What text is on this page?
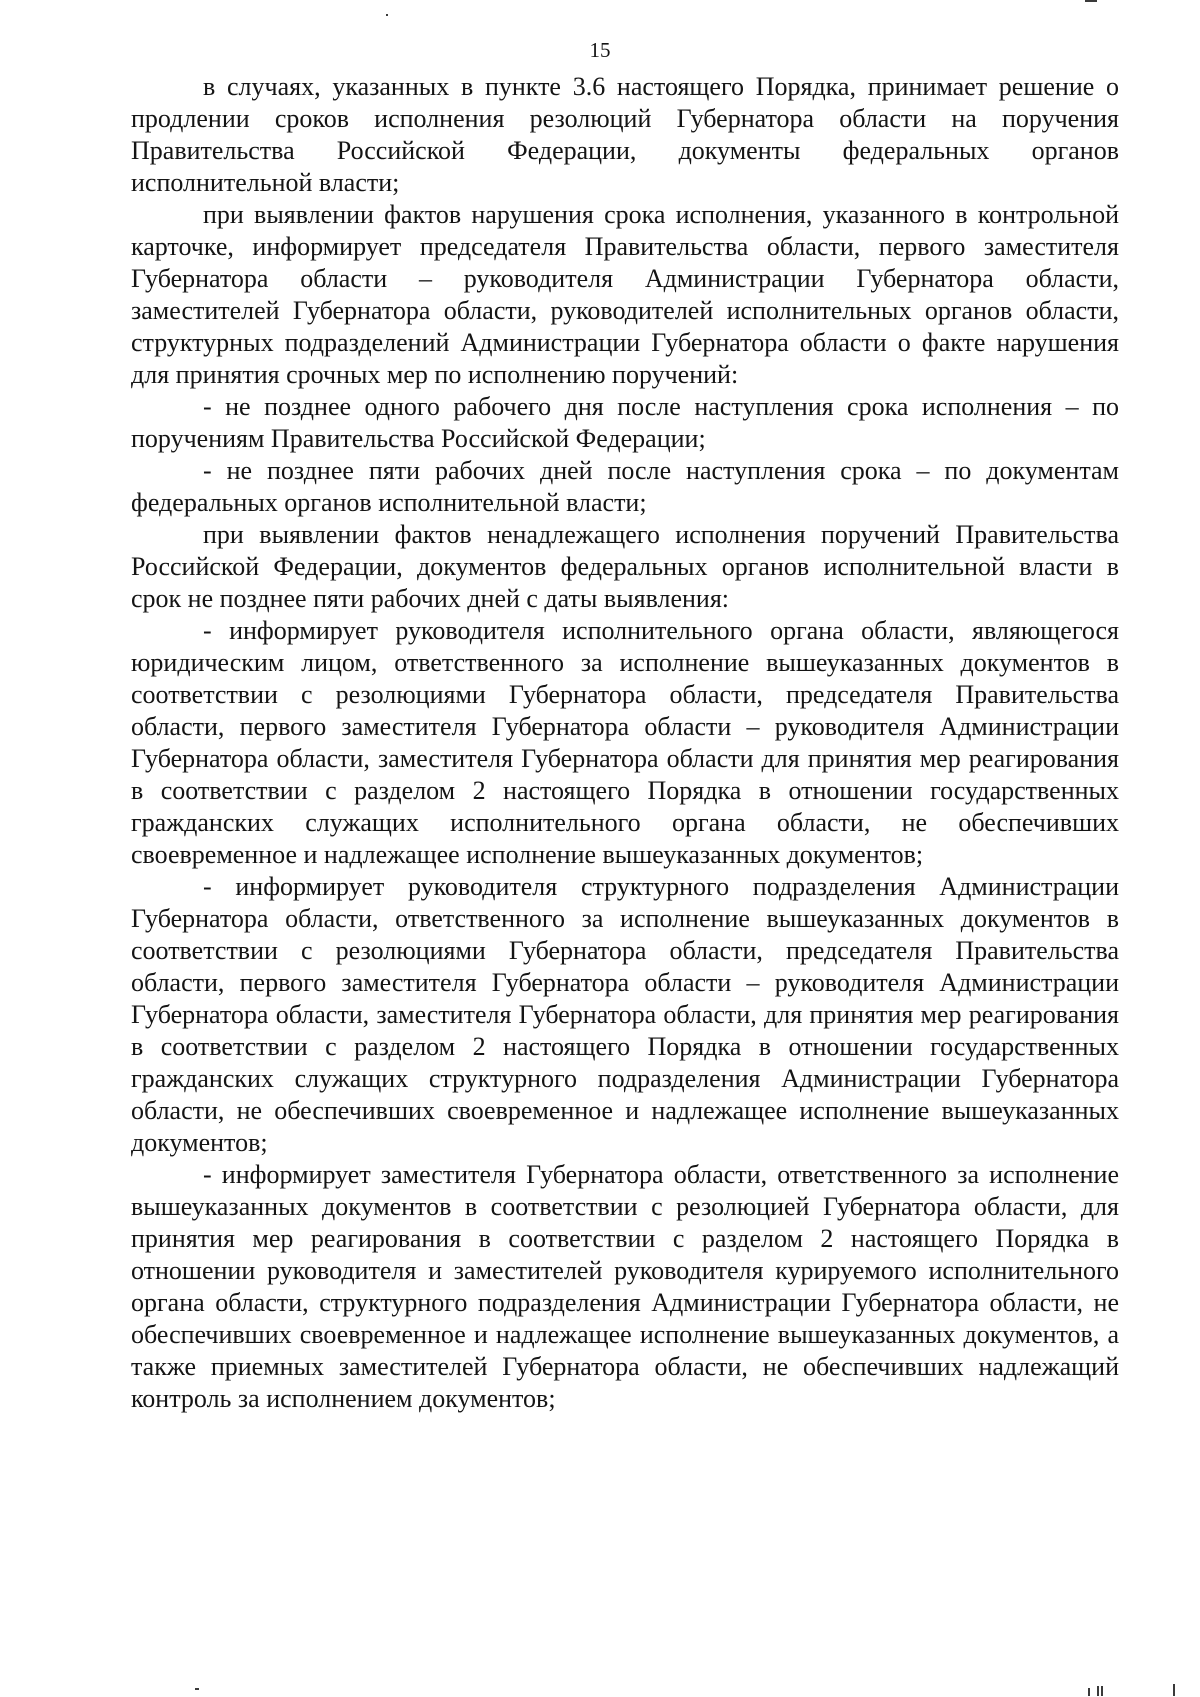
15

в случаях, указанных в пункте 3.6 настоящего Порядка, принимает решение о продлении сроков исполнения резолюций Губернатора области на поручения Правительства Российской Федерации, документы федеральных органов исполнительной власти;

при выявлении фактов нарушения срока исполнения, указанного в контрольной карточке, информирует председателя Правительства области, первого заместителя Губернатора области – руководителя Администрации Губернатора области, заместителей Губернатора области, руководителей исполнительных органов области, структурных подразделений Администрации Губернатора области о факте нарушения для принятия срочных мер по исполнению поручений:

- не позднее одного рабочего дня после наступления срока исполнения – по поручениям Правительства Российской Федерации;

- не позднее пяти рабочих дней после наступления срока – по документам федеральных органов исполнительной власти;

при выявлении фактов ненадлежащего исполнения поручений Правительства Российской Федерации, документов федеральных органов исполнительной власти в срок не позднее пяти рабочих дней с даты выявления:

- информирует руководителя исполнительного органа области, являющегося юридическим лицом, ответственного за исполнение вышеуказанных документов в соответствии с резолюциями Губернатора области, председателя Правительства области, первого заместителя Губернатора области – руководителя Администрации Губернатора области, заместителя Губернатора области для принятия мер реагирования в соответствии с разделом 2 настоящего Порядка в отношении государственных гражданских служащих исполнительного органа области, не обеспечивших своевременное и надлежащее исполнение вышеуказанных документов;

- информирует руководителя структурного подразделения Администрации Губернатора области, ответственного за исполнение вышеуказанных документов в соответствии с резолюциями Губернатора области, председателя Правительства области, первого заместителя Губернатора области – руководителя Администрации Губернатора области, заместителя Губернатора области, для принятия мер реагирования в соответствии с разделом 2 настоящего Порядка в отношении государственных гражданских служащих структурного подразделения Администрации Губернатора области, не обеспечивших своевременное и надлежащее исполнение вышеуказанных документов;

- информирует заместителя Губернатора области, ответственного за исполнение вышеуказанных документов в соответствии с резолюцией Губернатора области, для принятия мер реагирования в соответствии с разделом 2 настоящего Порядка в отношении руководителя и заместителей руководителя курируемого исполнительного органа области, структурного подразделения Администрации Губернатора области, не обеспечивших своевременное и надлежащее исполнение вышеуказанных документов, а также приемных заместителей Губернатора области, не обеспечивших надлежащий контроль за исполнением документов;
